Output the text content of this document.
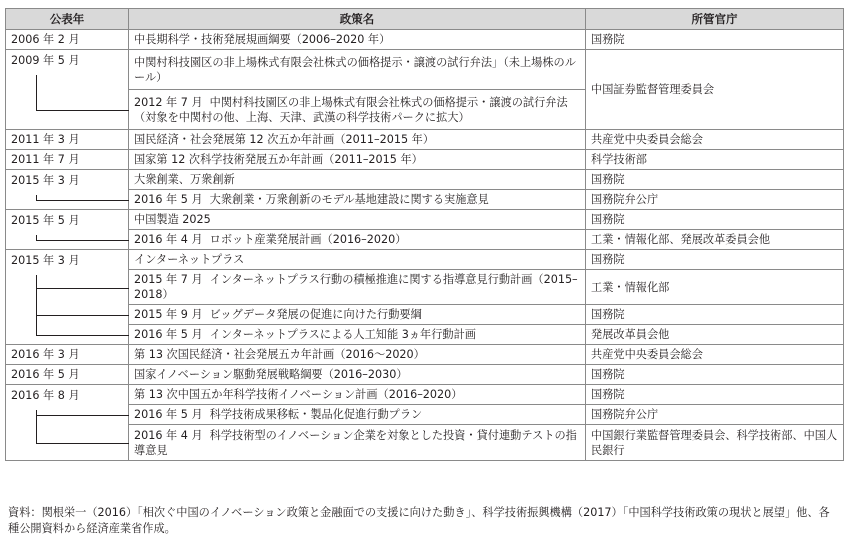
公表年	政策名	所管官庁
2006 年 2 月	中長期科学・技術発展規画綱要（2006–2020 年）	国務院
2009 年 5 月	中関村科技園区の非上場株式有限会社株式の価格提示・譲渡の試行弁法」（未上場株のルール）	中国証券監督管理委員会
	2012 年 7 月 中関村科技園区の非上場株式有限会社株式の価格提示・譲渡の試行弁法（対象を中関村の他、上海、天津、武漢の科学技術パークに拡大）	
2011 年 3 月	国民経済・社会発展第 12 次五か年計画（2011–2015 年）	共産党中央委員会総会
2011 年 7 月	国家第 12 次科学技術発展五か年計画（2011–2015 年）	科学技術部
2015 年 3 月	大衆創業、万衆創新	国務院
	2016 年 5 月 大衆創業・万衆創新のモデル基地建設に関する実施意見	国務院弁公庁
2015 年 5 月	中国製造 2025	国務院
	2016 年 4 月 ロボット産業発展計画（2016–2020）	工業・情報化部、発展改革委員会他
2015 年 3 月	インターネットプラス	国務院
	2015 年 7 月 インターネットプラス行動の積極推進に関する指導意見行動計画（2015–2018）	工業・情報化部
	2015 年 9 月 ビッグデータ発展の促進に向けた行動要綱	国務院
	2016 年 5 月 インターネットプラスによる人工知能 3ヵ年行動計画	発展改革員会他
2016 年 3 月	第 13 次国民経済・社会発展五カ年計画（2016～2020）	共産党中央委員会総会
2016 年 5 月	国家イノベーション駆動発展戦略綱要（2016–2030）	国務院
2016 年 8 月	第 13 次中国五か年科学技術イノベーション計画（2016–2020）	国務院
	2016 年 5 月 科学技術成果移転・製品化促進行動プラン	国務院弁公庁
	2016 年 4 月 科学技術型のイノベーション企業を対象とした投資・貸付連動テストの指導意見	中国銀行業監督管理委員会、科学技術部、中国人民銀行

資料：関根栄一（2016）「相次ぐ中国のイノベーション政策と金融面での支援に向けた動き」、科学技術振興機構（2017）「中国科学技術政策の現状と展望」他、各種公開資料から経済産業省作成。
